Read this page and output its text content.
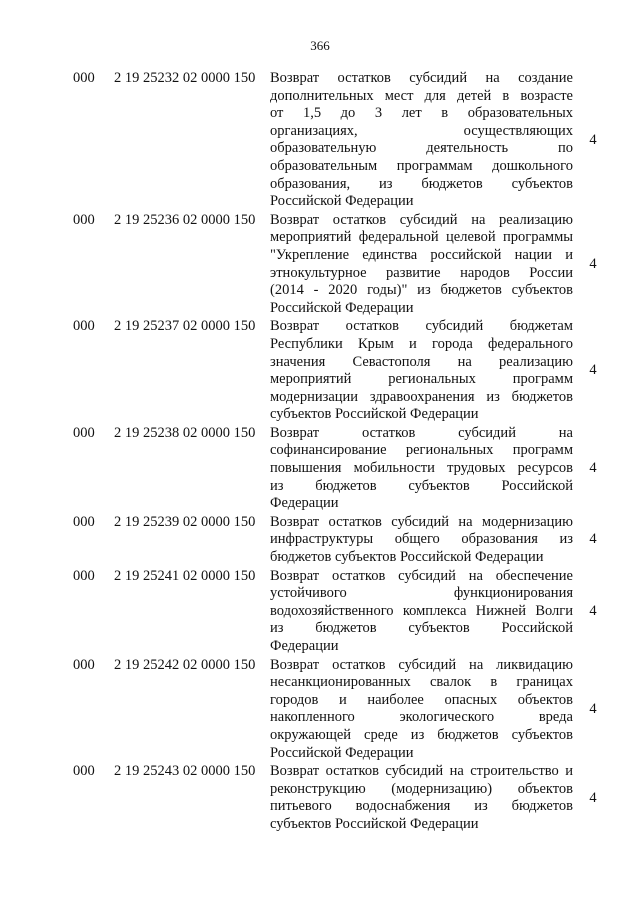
366
000	2 19 25232 02 0000 150	Возврат остатков субсидий на создание
дополнительных мест для детей в возрасте
от 1,5 до 3 лет в образовательных
организациях, осуществляющих
образовательную деятельность по
образовательным программам дошкольного
образования, из бюджетов субъектов
Российской Федерации
4
000	2 19 25236 02 0000 150	Возврат остатков субсидий на реализацию
мероприятий федеральной целевой программы
"Укрепление единства российской нации и
этнокультурное развитие народов России
(2014 - 2020 годы)" из бюджетов субъектов
Российской Федерации
4
000	2 19 25237 02 0000 150	Возврат остатков субсидий бюджетам
Республики Крым и города федерального
значения Севастополя на реализацию
мероприятий региональных программ
модернизации здравоохранения из бюджетов
субъектов Российской Федерации
4
000	2 19 25238 02 0000 150	Возврат остатков субсидий на
софинансирование региональных программ
повышения мобильности трудовых ресурсов
из бюджетов субъектов Российской
Федерации
4
000	2 19 25239 02 0000 150	Возврат остатков субсидий на модернизацию
инфраструктуры общего образования из
бюджетов субъектов Российской Федерации
4
000	2 19 25241 02 0000 150	Возврат остатков субсидий на обеспечение
устойчивого функционирования
водохозяйственного комплекса Нижней Волги
из бюджетов субъектов Российской
Федерации
4
000	2 19 25242 02 0000 150	Возврат остатков субсидий на ликвидацию
несанкционированных свалок в границах
городов и наиболее опасных объектов
накопленного экологического вреда
окружающей среде из бюджетов субъектов
Российской Федерации
4
000	2 19 25243 02 0000 150	Возврат остатков субсидий на строительство и
реконструкцию (модернизацию) объектов
питьевого водоснабжения из бюджетов
субъектов Российской Федерации
4
